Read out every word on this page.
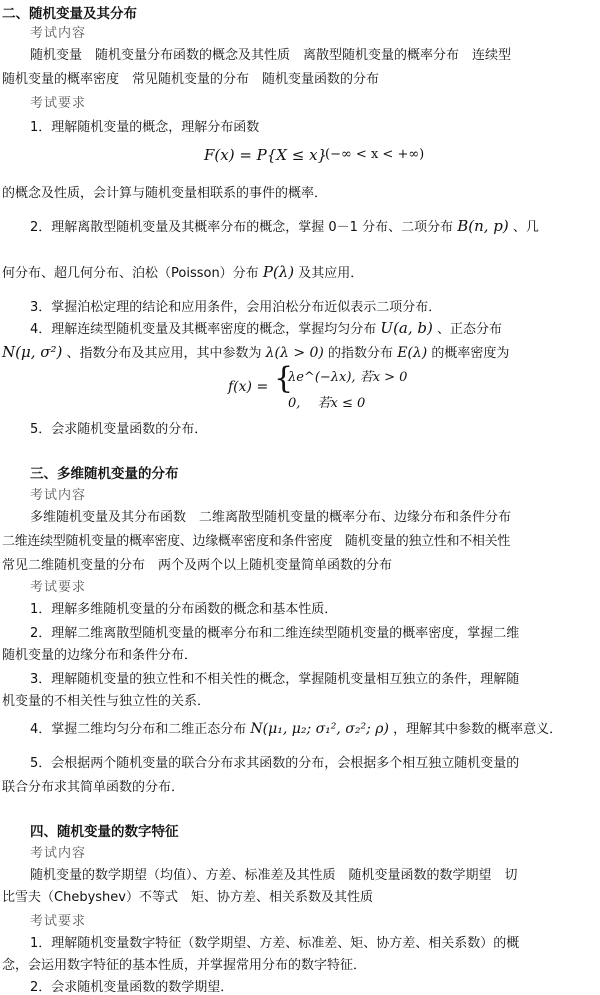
二、随机变量及其分布
考试内容
随机变量　随机变量分布函数的概念及其性质　离散型随机变量的概率分布　连续型
随机变量的概率密度　常见随机变量的分布　随机变量函数的分布
考试要求
1．理解随机变量的概念，理解分布函数
F(x) = P{X ≤ x}
(−∞ < x < +∞)
的概念及性质，会计算与随机变量相联系的事件的概率．
2．理解离散型随机变量及其概率分布的概念，掌握 0－1 分布、二项分布 B(n, p) 、几
何分布、超几何分布、泊松（Poisson）分布 P(λ) 及其应用．
3．掌握泊松定理的结论和应用条件，会用泊松分布近似表示二项分布．
4．理解连续型随机变量及其概率密度的概念，掌握均匀分布 U(a, b) 、正态分布
N(μ, σ²) 、指数分布及其应用，其中参数为 λ(λ > 0) 的指数分布 E(λ) 的概率密度为
f(x) = {
λe^(−λx), 若x > 0
0,　 若x ≤ 0
5．会求随机变量函数的分布．
三、多维随机变量的分布
考试内容
多维随机变量及其分布函数　二维离散型随机变量的概率分布、边缘分布和条件分布
二维连续型随机变量的概率密度、边缘概率密度和条件密度　随机变量的独立性和不相关性
常见二维随机变量的分布　两个及两个以上随机变量简单函数的分布
考试要求
1．理解多维随机变量的分布函数的概念和基本性质．
2．理解二维离散型随机变量的概率分布和二维连续型随机变量的概率密度，掌握二维
随机变量的边缘分布和条件分布．
3．理解随机变量的独立性和不相关性的概念，掌握随机变量相互独立的条件，理解随
机变量的不相关性与独立性的关系．
4．掌握二维均匀分布和二维正态分布 N(μ₁, μ₂; σ₁², σ₂²; ρ) ，理解其中参数的概率意义．
5．会根据两个随机变量的联合分布求其函数的分布，会根据多个相互独立随机变量的
联合分布求其简单函数的分布．
四、随机变量的数字特征
考试内容
随机变量的数学期望（均值）、方差、标准差及其性质　随机变量函数的数学期望　切
比雪夫（Chebyshev）不等式　矩、协方差、相关系数及其性质
考试要求
1．理解随机变量数字特征（数学期望、方差、标准差、矩、协方差、相关系数）的概
念，会运用数字特征的基本性质，并掌握常用分布的数字特征．
2．会求随机变量函数的数学期望．
